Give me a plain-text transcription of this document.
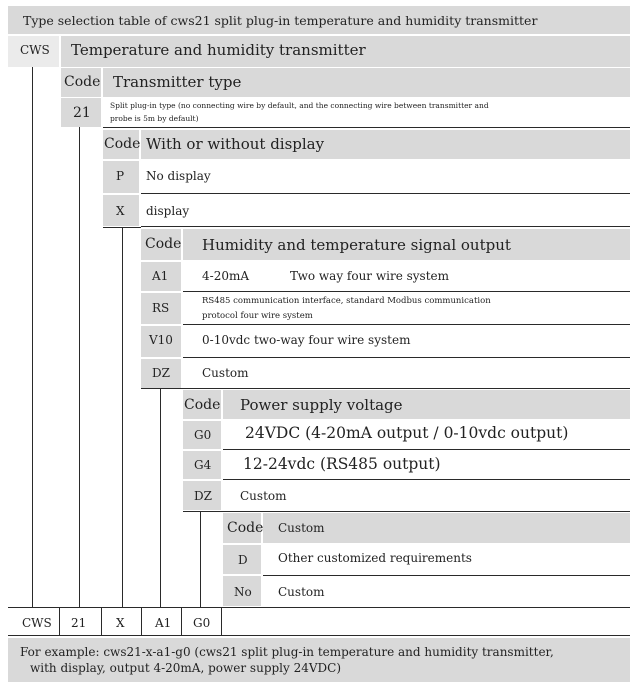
Type selection table of cws21 split plug-in temperature and humidity transmitter
CWS Temperature and humidity transmitter
Code Transmitter type
21	Split plug-in type (no connecting wire by default, and the connecting wire between transmitter and
probe is 5m by default)
Code With or without display
P No display
X display
Code Humidity and temperature signal output
A1	4-20mA	Two way four wire system
RS	RS485 communication interface, standard Modbus communication
protocol four wire system
V10 0-10vdc two-way four wire system
DZ	Custom
Code Power supply voltage
G0 24VDC (4-20mA output / 0-10vdc output)
G4 12-24vdc (RS485 output)
DZ Custom
Code Custom
D	Other customized requirements
No Custom
CWS 21 X	A1 G0
For example: cws21-x-a1-g0 (cws21 split plug-in temperature and humidity transmitter,
with display, output 4-20mA, power supply 24VDC)
